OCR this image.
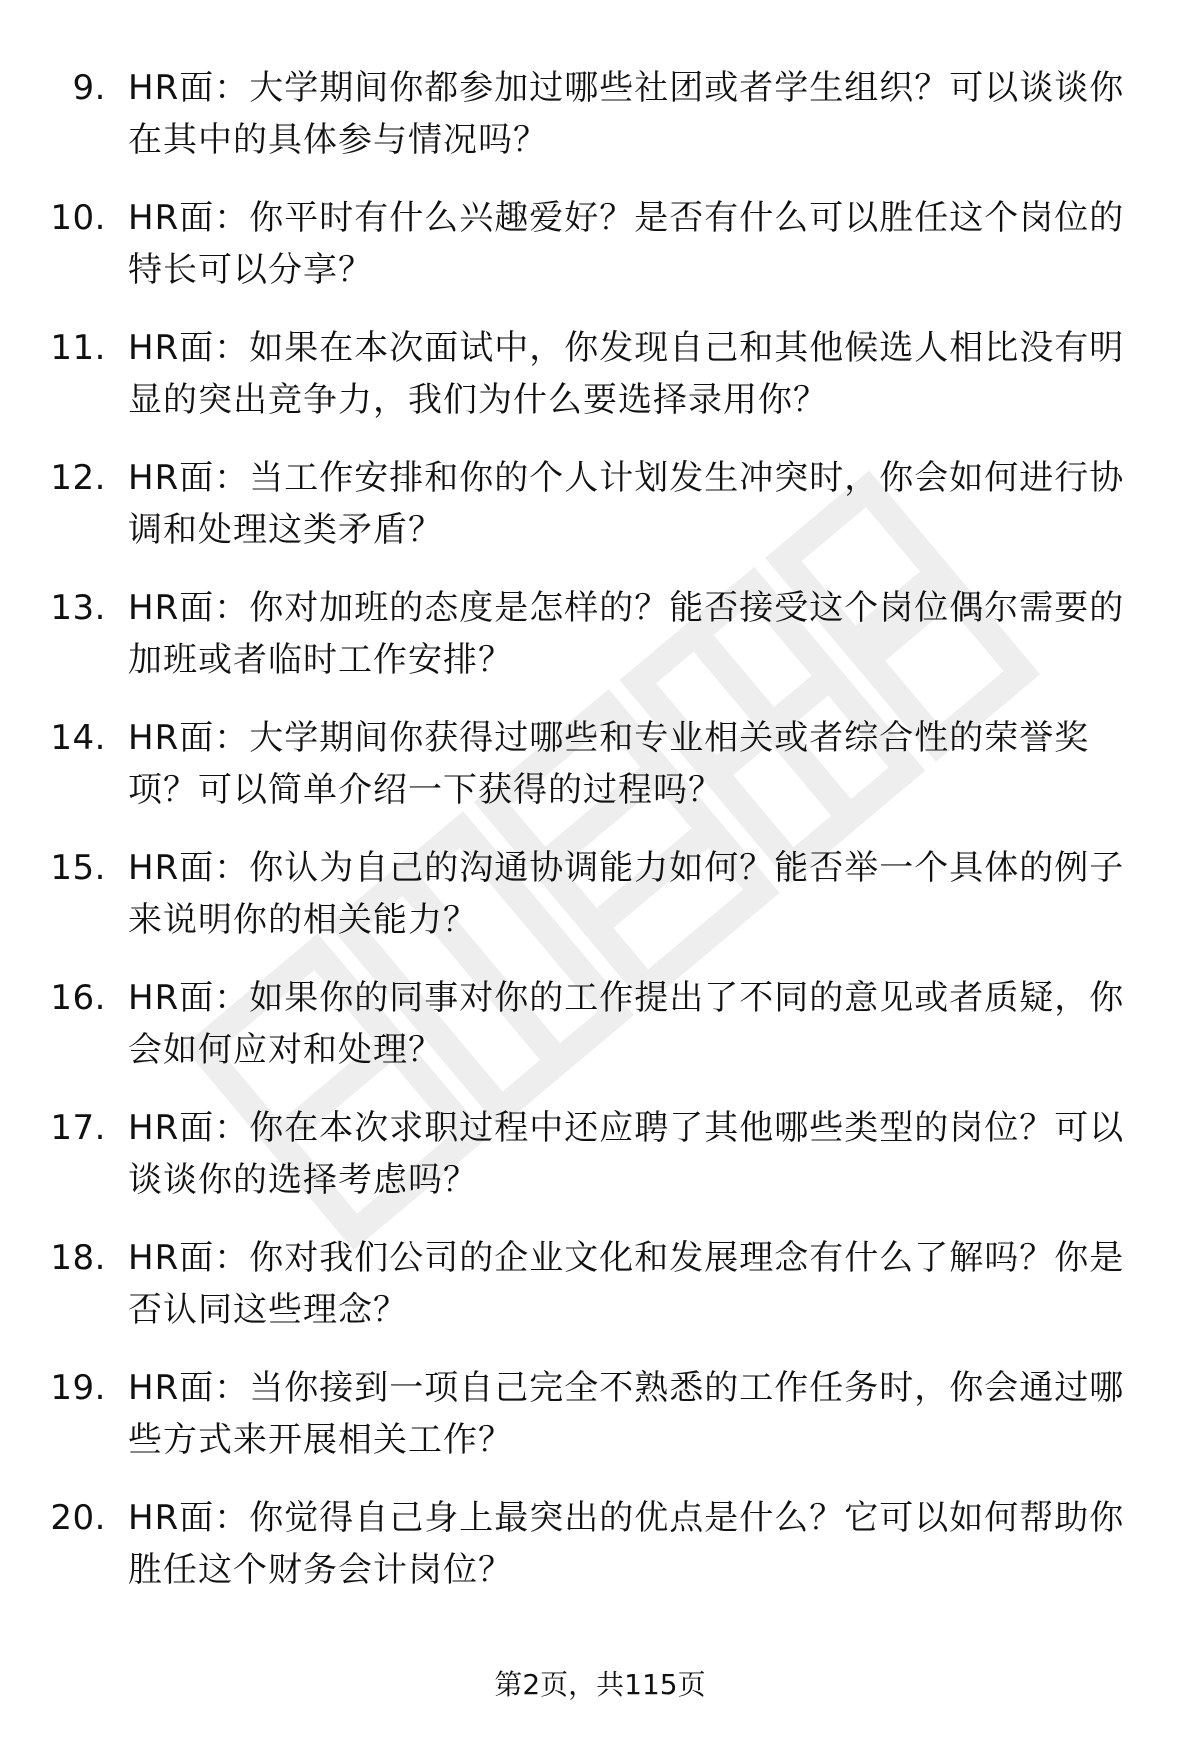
9. HR面：大学期间你都参加过哪些社团或者学生组织？可以谈谈你在其中的具体参与情况吗？
10. HR面：你平时有什么兴趣爱好？是否有什么可以胜任这个岗位的特长可以分享？
11. HR面：如果在本次面试中，你发现自己和其他候选人相比没有明显的突出竞争力，我们为什么要选择录用你？
12. HR面：当工作安排和你的个人计划发生冲突时，你会如何进行协调和处理这类矛盾？
13. HR面：你对加班的态度是怎样的？能否接受这个岗位偶尔需要的加班或者临时工作安排？
14. HR面：大学期间你获得过哪些和专业相关或者综合性的荣誉奖项？可以简单介绍一下获得的过程吗？
15. HR面：你认为自己的沟通协调能力如何？能否举一个具体的例子来说明你的相关能力？
16. HR面：如果你的同事对你的工作提出了不同的意见或者质疑，你会如何应对和处理？
17. HR面：你在本次求职过程中还应聘了其他哪些类型的岗位？可以谈谈你的选择考虑吗？
18. HR面：你对我们公司的企业文化和发展理念有什么了解吗？你是否认同这些理念？
19. HR面：当你接到一项自己完全不熟悉的工作任务时，你会通过哪些方式来开展相关工作？
20. HR面：你觉得自己身上最突出的优点是什么？它可以如何帮助你胜任这个财务会计岗位？
第2页，共115页
